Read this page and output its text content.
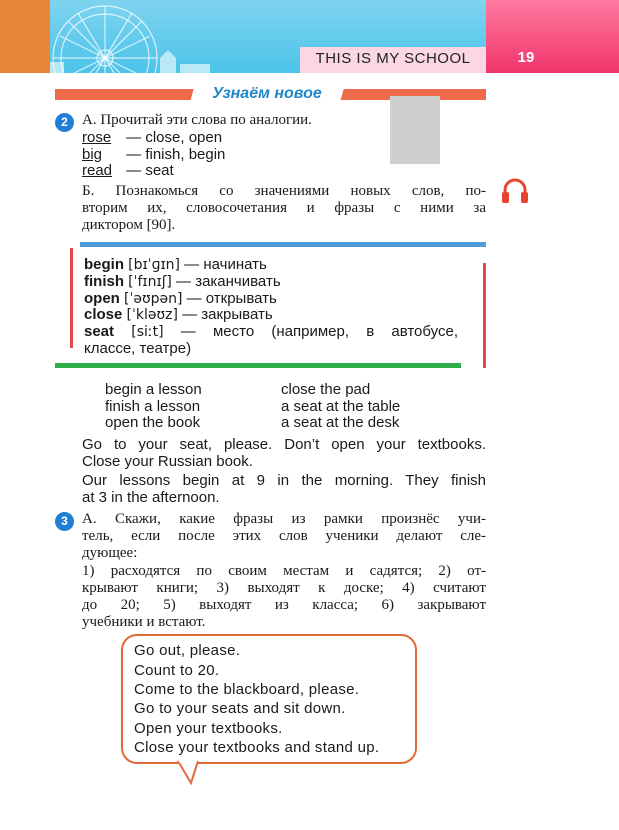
THIS IS MY SCHOOL	19
Узнаём новое
2 А. Прочитай эти слова по аналогии.
rose — close, open
big — finish, begin
read — seat
Б. Познакомься со значениями новых слов, по-
вторим их, словосочетания и фразы с ними за
диктором [90].
begin [bɪˈɡɪn] — начинать
finish [ˈfɪnɪʃ] — заканчивать
open [ˈəʊpən] — открывать
close [ˈkləʊz] — закрывать
seat [siːt] — место (например, в автобусе,
классе, театре)
begin a lesson
finish a lesson
open the book
close the pad
a seat at the table
a seat at the desk
Go to your seat, please. Don’t open your textbooks.
Close your Russian book.
Our lessons begin at 9 in the morning. They finish
at 3 in the afternoon.
3 А. Скажи, какие фразы из рамки произнёс учи-
тель, если после этих слов ученики делают сле-
дующее:
1) расходятся по своим местам и садятся; 2) от-
крывают книги; 3) выходят к доске; 4) считают
до 20; 5) выходят из класса; 6) закрывают
учебники и встают.
Go out, please.
Count to 20.
Come to the blackboard, please.
Go to your seats and sit down.
Open your textbooks.
Close your textbooks and stand up.
